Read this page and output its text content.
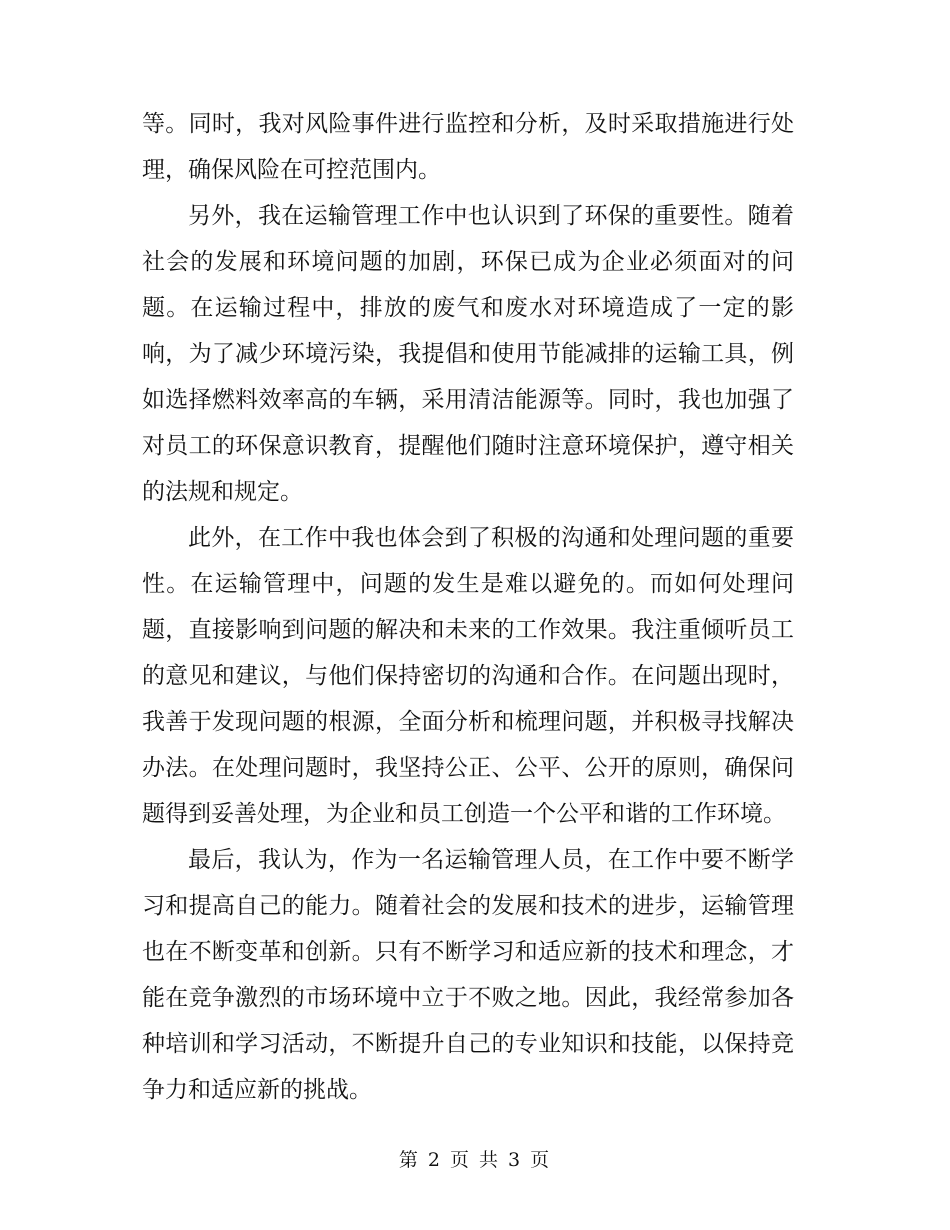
等。同时，我对风险事件进行监控和分析，及时采取措施进行处
理，确保风险在可控范围内。
另外，我在运输管理工作中也认识到了环保的重要性。随着
社会的发展和环境问题的加剧，环保已成为企业必须面对的问
题。在运输过程中，排放的废气和废水对环境造成了一定的影
响，为了减少环境污染，我提倡和使用节能减排的运输工具，例
如选择燃料效率高的车辆，采用清洁能源等。同时，我也加强了
对员工的环保意识教育，提醒他们随时注意环境保护，遵守相关
的法规和规定。
此外，在工作中我也体会到了积极的沟通和处理问题的重要
性。在运输管理中，问题的发生是难以避免的。而如何处理问
题，直接影响到问题的解决和未来的工作效果。我注重倾听员工
的意见和建议，与他们保持密切的沟通和合作。在问题出现时，
我善于发现问题的根源，全面分析和梳理问题，并积极寻找解决
办法。在处理问题时，我坚持公正、公平、公开的原则，确保问
题得到妥善处理，为企业和员工创造一个公平和谐的工作环境。
最后，我认为，作为一名运输管理人员，在工作中要不断学
习和提高自己的能力。随着社会的发展和技术的进步，运输管理
也在不断变革和创新。只有不断学习和适应新的技术和理念，才
能在竞争激烈的市场环境中立于不败之地。因此，我经常参加各
种培训和学习活动，不断提升自己的专业知识和技能，以保持竞
争力和适应新的挑战。
第 2 页 共 3 页
